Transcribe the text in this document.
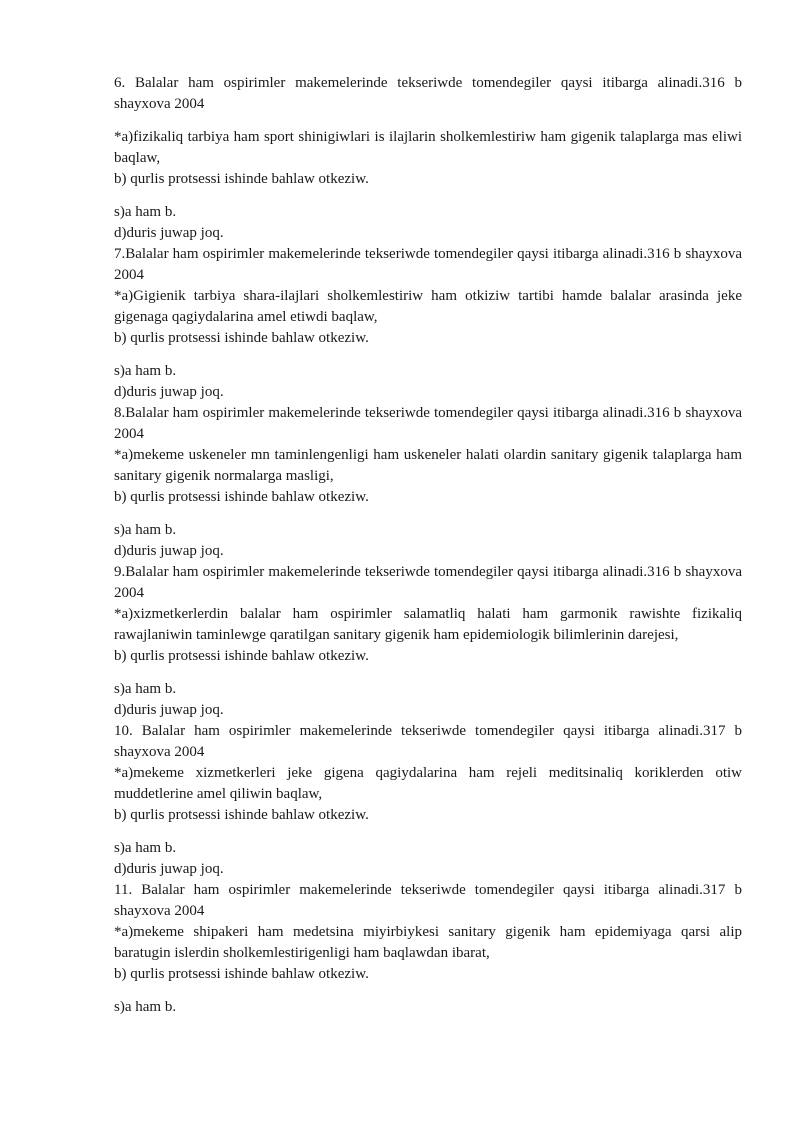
6. Balalar ham ospirimler makemelerinde tekseriwde tomendegiler qaysi itibarga alinadi.316 b shayxova 2004

*a)fizikaliq tarbiya ham sport shinigiwlari is ilajlarin sholkemlestiriw ham gigenik talaplarga mas eliwi baqlaw,

b) qurlis protsessi ishinde bahlaw otkeziw.

s)a ham b.

d)duris juwap joq.

7.Balalar ham ospirimler makemelerinde tekseriwde tomendegiler qaysi itibarga alinadi.316 b shayxova 2004

*a)Gigienik tarbiya shara-ilajlari sholkemlestiriw ham otkiziw tartibi hamde balalar arasinda jeke gigenaga qagiydalarina amel etiwdi baqlaw,

b) qurlis protsessi ishinde bahlaw otkeziw.

s)a ham b.

d)duris juwap joq.

8.Balalar ham ospirimler makemelerinde tekseriwde tomendegiler qaysi itibarga alinadi.316 b shayxova 2004

*a)mekeme uskeneler mn taminlengenligi ham uskeneler halati olardin sanitary gigenik talaplarga ham sanitary gigenik normalarga masligi,

b) qurlis protsessi ishinde bahlaw otkeziw.

s)a ham b.

d)duris juwap joq.

9.Balalar ham ospirimler makemelerinde tekseriwde tomendegiler qaysi itibarga alinadi.316 b shayxova 2004

*a)xizmetkerlerdin balalar ham ospirimler salamatliq halati ham garmonik rawishte fizikaliq rawajlaniwin taminlewge qaratilgan sanitary gigenik ham epidemiologik bilimlerinin darejesi,

b) qurlis protsessi ishinde bahlaw otkeziw.

s)a ham b.

d)duris juwap joq.

10. Balalar ham ospirimler makemelerinde tekseriwde tomendegiler qaysi itibarga alinadi.317 b shayxova 2004

*a)mekeme xizmetkerleri jeke gigena qagiydalarina ham rejeli meditsinaliq koriklerden otiw muddetlerine amel qiliwin baqlaw,

b) qurlis protsessi ishinde bahlaw otkeziw.

s)a ham b.

d)duris juwap joq.

11. Balalar ham ospirimler makemelerinde tekseriwde tomendegiler qaysi itibarga alinadi.317 b shayxova 2004

*a)mekeme shipakeri ham medetsina miyirbiykesi sanitary gigenik ham epidemiyaga qarsi alip baratugin islerdin sholkemlestirigenligi ham baqlawdan ibarat,

b) qurlis protsessi ishinde bahlaw otkeziw.

s)a ham b.
